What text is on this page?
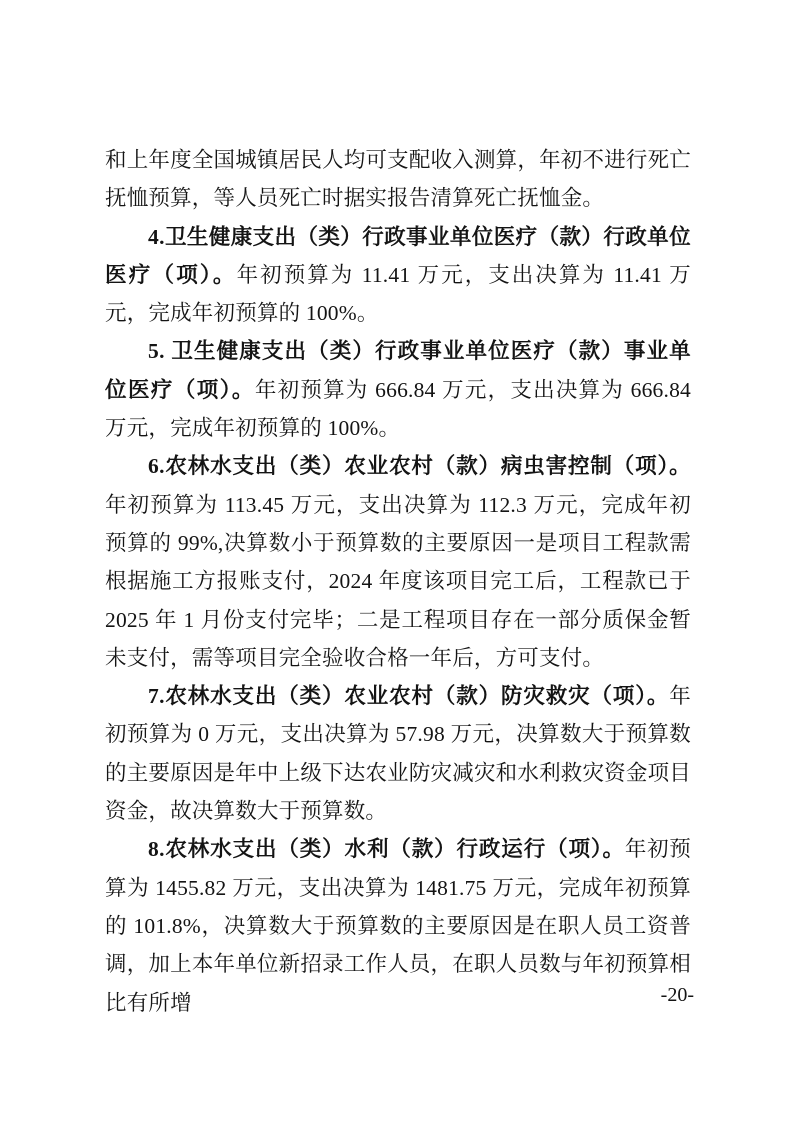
和上年度全国城镇居民人均可支配收入测算，年初不进行死亡抚恤预算，等人员死亡时据实报告清算死亡抚恤金。

4.卫生健康支出（类）行政事业单位医疗（款）行政单位医疗（项）。年初预算为 11.41 万元，支出决算为 11.41 万元，完成年初预算的 100%。

5. 卫生健康支出（类）行政事业单位医疗（款）事业单位医疗（项）。年初预算为 666.84 万元，支出决算为 666.84 万元，完成年初预算的 100%。

6.农林水支出（类）农业农村（款）病虫害控制（项）。年初预算为 113.45 万元，支出决算为 112.3 万元，完成年初预算的 99%,决算数小于预算数的主要原因一是项目工程款需根据施工方报账支付，2024 年度该项目完工后，工程款已于 2025 年 1 月份支付完毕；二是工程项目存在一部分质保金暂未支付，需等项目完全验收合格一年后，方可支付。

7.农林水支出（类）农业农村（款）防灾救灾（项）。年初预算为 0 万元，支出决算为 57.98 万元，决算数大于预算数的主要原因是年中上级下达农业防灾减灾和水利救灾资金项目资金，故决算数大于预算数。

8.农林水支出（类）水利（款）行政运行（项）。年初预算为 1455.82 万元，支出决算为 1481.75 万元，完成年初预算的 101.8%，决算数大于预算数的主要原因是在职人员工资普调，加上本年单位新招录工作人员，在职人员数与年初预算相比有所增	-20-
